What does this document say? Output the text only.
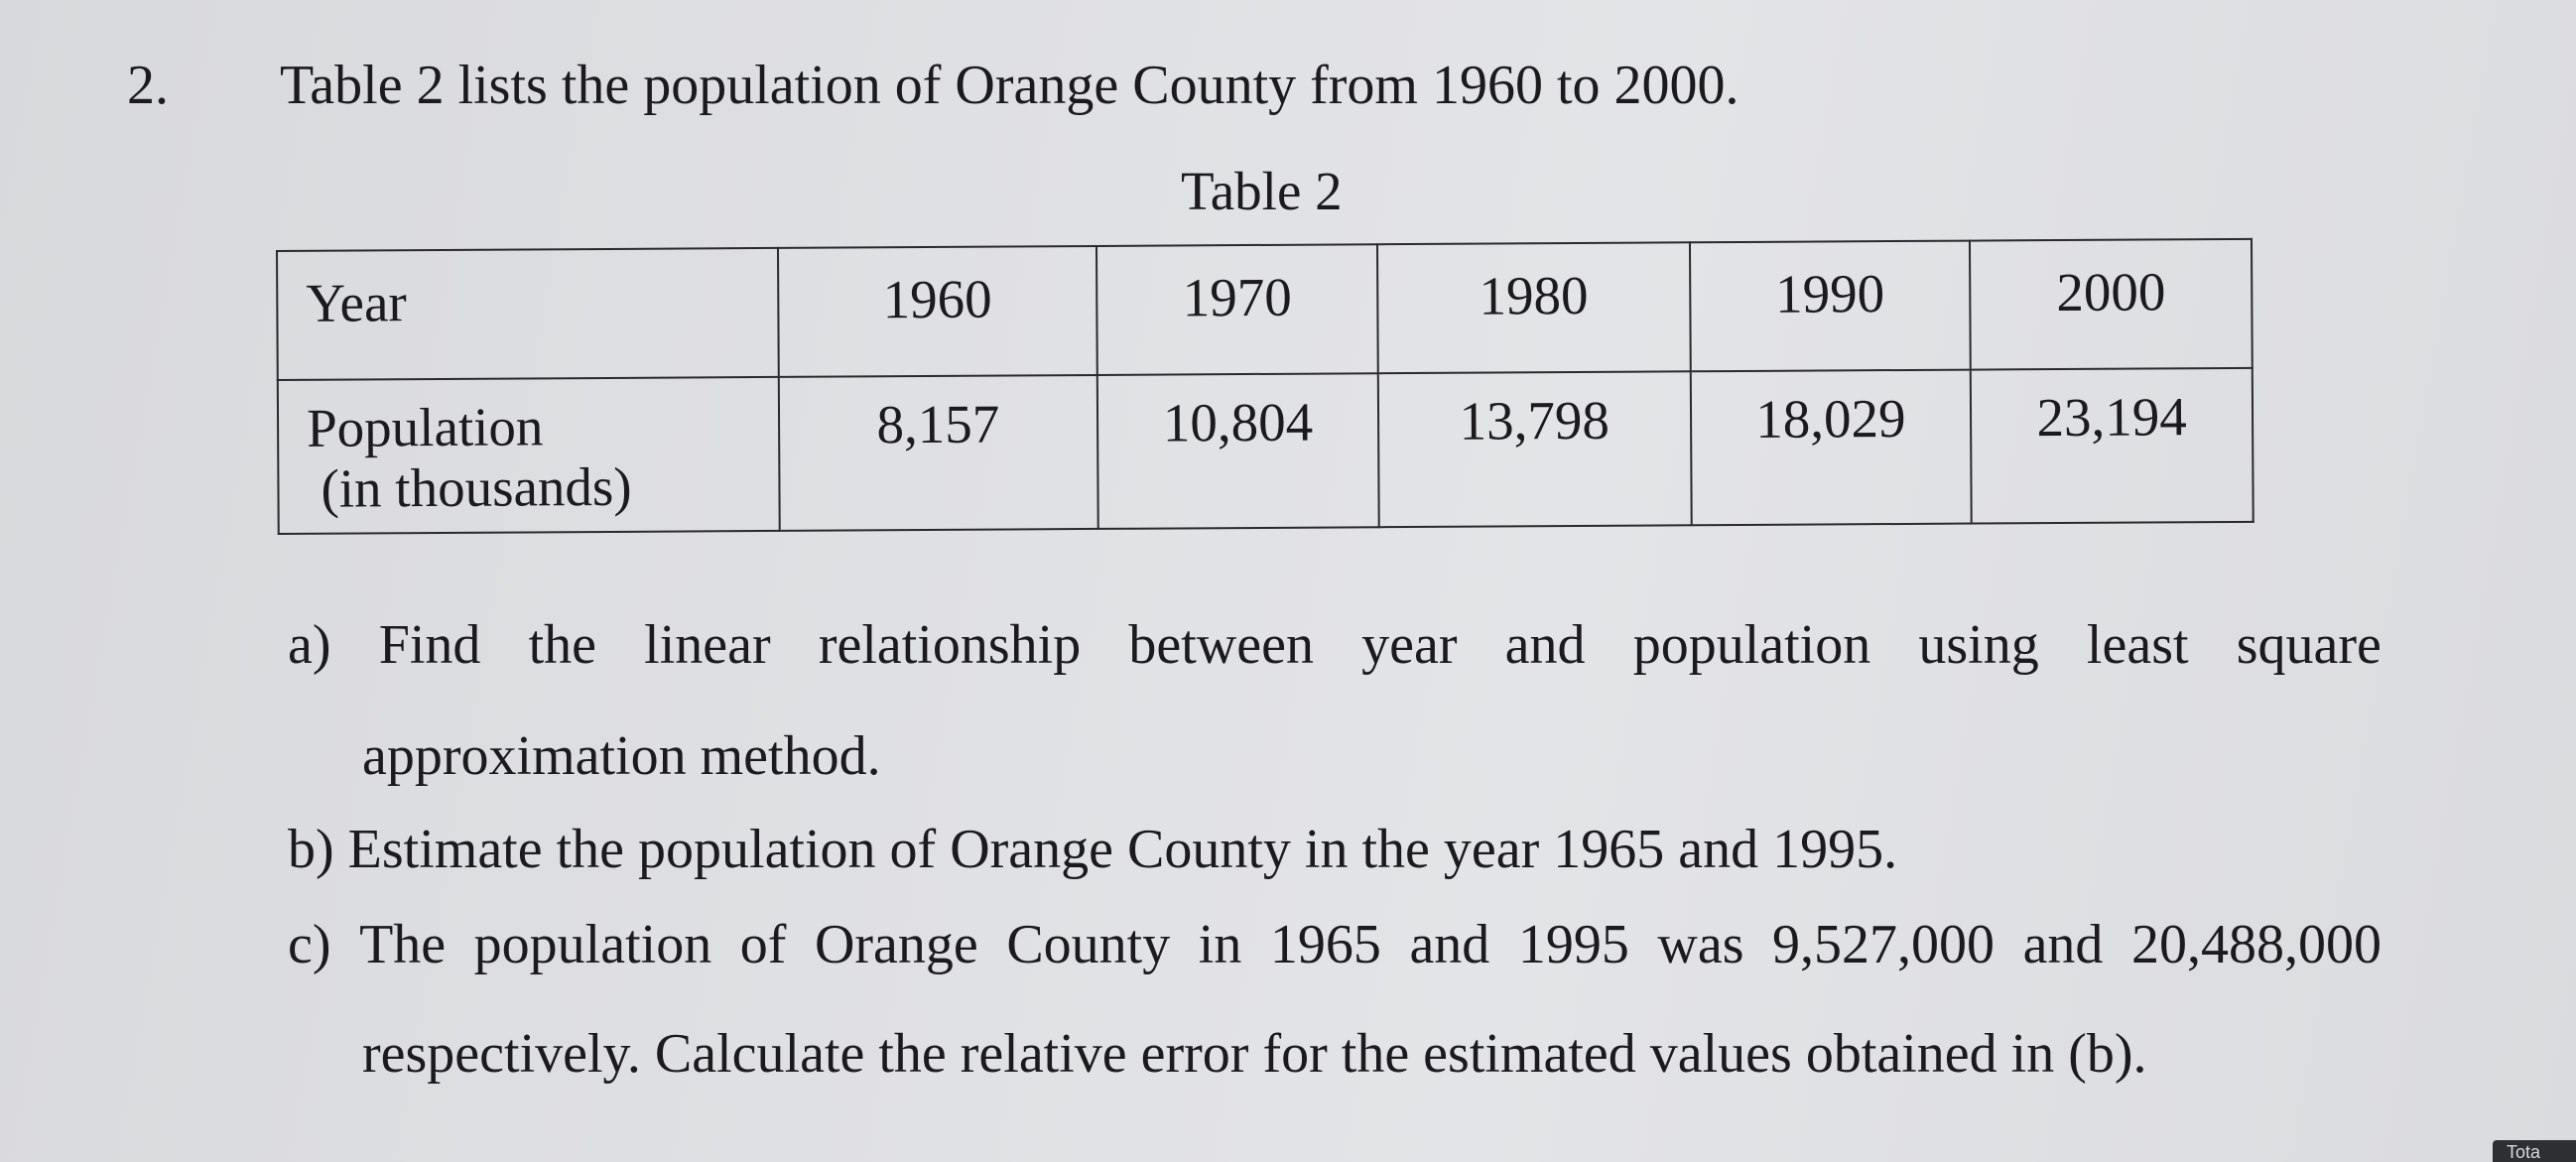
2. Table 2 lists the population of Orange County from 1960 to 2000.
Table 2
Year	1960	1970	1980	1990	2000

Population
(in thousands)	8,157	10,804	13,798	18,029	23,194
a) Find the linear relationship between year and population using least square
approximation method.
b) Estimate the population of Orange County in the year 1965 and 1995.
c) The population of Orange County in 1965 and 1995 was 9,527,000 and 20,488,000
respectively. Calculate the relative error for the estimated values obtained in (b).
Tota
